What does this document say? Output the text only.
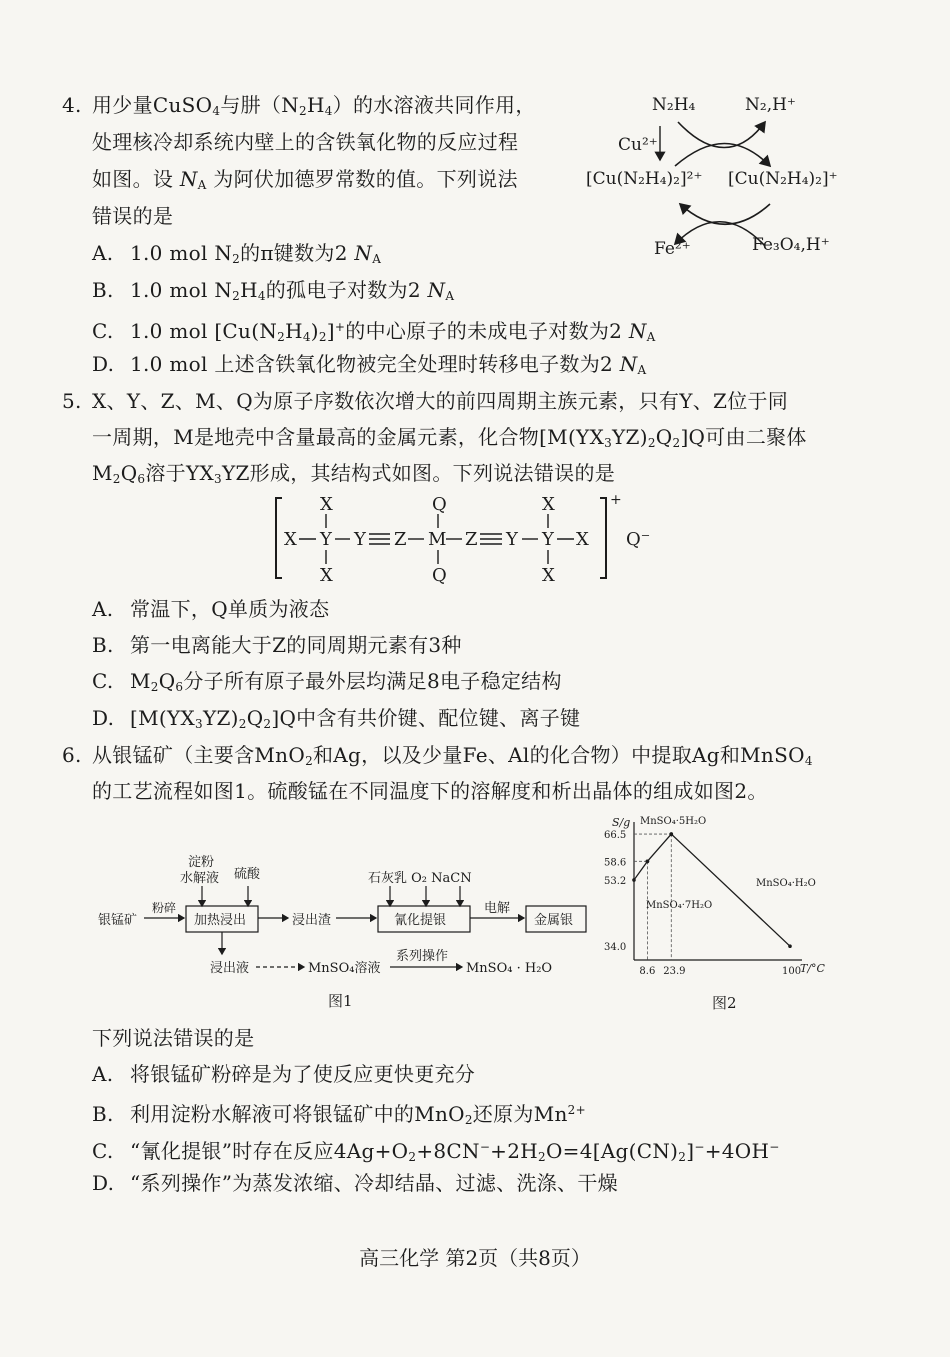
4. 用少量CuSO$_4$与肼$(N_2H_4)$的水溶液共同作用，
处理核冷却系统内壁上的含铁氧化物的反应过程
如图。设 $N_A$ 为阿伏加德罗常数的值。下列说法
错误的是
A. 1.0 mol $N_2$的π键数为2 $N_A$
B. 1.0 mol $N_2H_4$的孤电子对数为2 $N_A$
C. 1.0 mol $[Cu(N_2H_4)_2]^+$的中心原子的未成电子对数为2 $N_A$
D. 1.0 mol 上述含铁氧化物被完全处理时转移电子数为2 $N_A$
N₂H₄	N₂,H⁺
Cu²⁺
[Cu(N₂H₄)₂]²⁺ [Cu(N₂H₄)₂]⁺
Fe²⁺	Fe₃O₄,H⁺
5. X、Y、Z、M、Q为原子序数依次增大的前四周期主族元素，只有Y、Z位于同
一周期，M是地壳中含量最高的金属元素，化合物$[M(YX_3YZ)_2Q_2]Q$可由二聚体
$M_2Q_6$溶于$YX_3YZ$形成，其结构式如图。下列说法错误的是
+
Q⁻
X	Q	X
X Y Y Z M Z Y Y X
X	Q	X
A. 常温下，Q单质为液态
B. 第一电离能大于Z的同周期元素有3种
C. $M_2Q_6$分子所有原子最外层均满足8电子稳定结构
D. $[M(YX_3YZ)_2Q_2]Q$中含有共价键、配位键、离子键
6. 从银锰矿（主要含MnO$_2$和Ag，以及少量Fe、Al的化合物）中提取Ag和MnSO$_4$
的工艺流程如图1。硫酸锰在不同温度下的溶解度和析出晶体的组成如图2。
淀粉
水解液 硫酸
银锰矿
粉碎
加热浸出	浸出渣
石灰乳 O₂ NaCN
氰化提银
电解
金属银
浸出液	MnSO₄溶液
系列操作
MnSO₄ · H₂O
图1
S/g
T/°C
图2
34.0
53.2
58.6
66.5
8.6 23.9	100
MnSO₄·5H₂O
MnSO₄·7H₂O
MnSO₄·H₂O
下列说法错误的是
A. 将银锰矿粉碎是为了使反应更快更充分
B. 利用淀粉水解液可将银锰矿中的MnO$_2$还原为$Mn^{2+}$
C. “氰化提银”时存在反应$4Ag+O_2+8CN^-+2H_2O=4[Ag(CN)_2]^-+4OH^-$
D. “系列操作”为蒸发浓缩、冷却结晶、过滤、洗涤、干燥
高三化学 第2页（共8页）
